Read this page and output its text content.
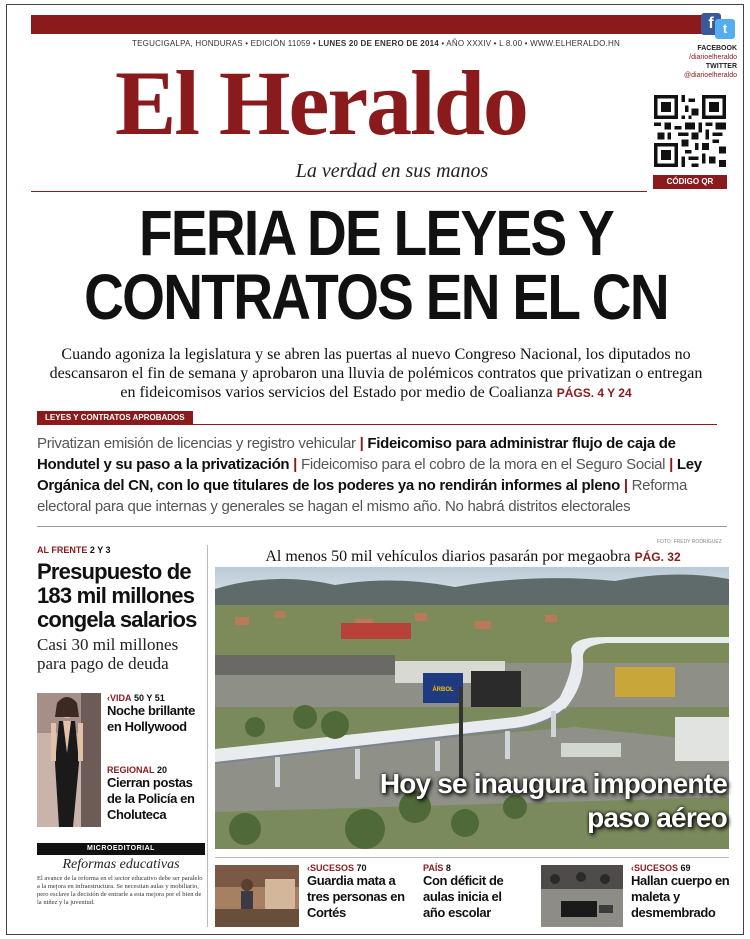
TEGUCIGALPA, HONDURAS • EDICIÓN 11059 • LUNES 20 DE ENERO DE 2014 • AÑO XXXIV • L 8.00 • WWW.ELHERALDO.HN
El Heraldo
La verdad en sus manos
f t
FACEBOOK
/diarioelheraldo
TWITTER
@diarioelheraldo
CÓDIGO QR
FERIA DE LEYES Y
CONTRATOS EN EL CN
Cuando agoniza la legislatura y se abren las puertas al nuevo Congreso Nacional, los diputados no descansaron el fin de semana y aprobaron una lluvia de polémicos contratos que privatizan o entregan en fideicomisos varios servicios del Estado por medio de Coalianza PÁGS. 4 Y 24
LEYES Y CONTRATOS APROBADOS
Privatizan emisión de licencias y registro vehicular | Fideicomiso para administrar flujo de caja de Hondutel y su paso a la privatización | Fideicomiso para el cobro de la mora en el Seguro Social | Ley Orgánica del CN, con lo que titulares de los poderes ya no rendirán informes al pleno | Reforma electoral para que internas y generales se hagan el mismo año. No habrá distritos electorales
AL FRENTE 2 Y 3
Presupuesto de 183 mil millones congela salarios
Casi 30 mil millones para pago de deuda
‹VIDA 50 Y 51
Noche brillante en Hollywood
REGIONAL 20
Cierran postas de la Policía en Choluteca
MICROEDITORIAL
Reformas educativas
El avance de la reforma en el sector educativo debe ser paralelo a la mejora en infraestructura. Se necesitan aulas y mobiliario, pero esclave la decisión de entrarle a esta mejora por el bien de la niñez y la juventud.
FOTO: FREDY RODRÍGUEZ
Al menos 50 mil vehículos diarios pasarán por megaobra PÁG. 32
ÁRBOL
Hoy se inaugura imponente paso aéreo
‹SUCESOS 70
Guardia mata a tres personas en Cortés
PAÍS 8
Con déficit de aulas inicia el año escolar
‹SUCESOS 69
Hallan cuerpo en maleta y desmembrado
